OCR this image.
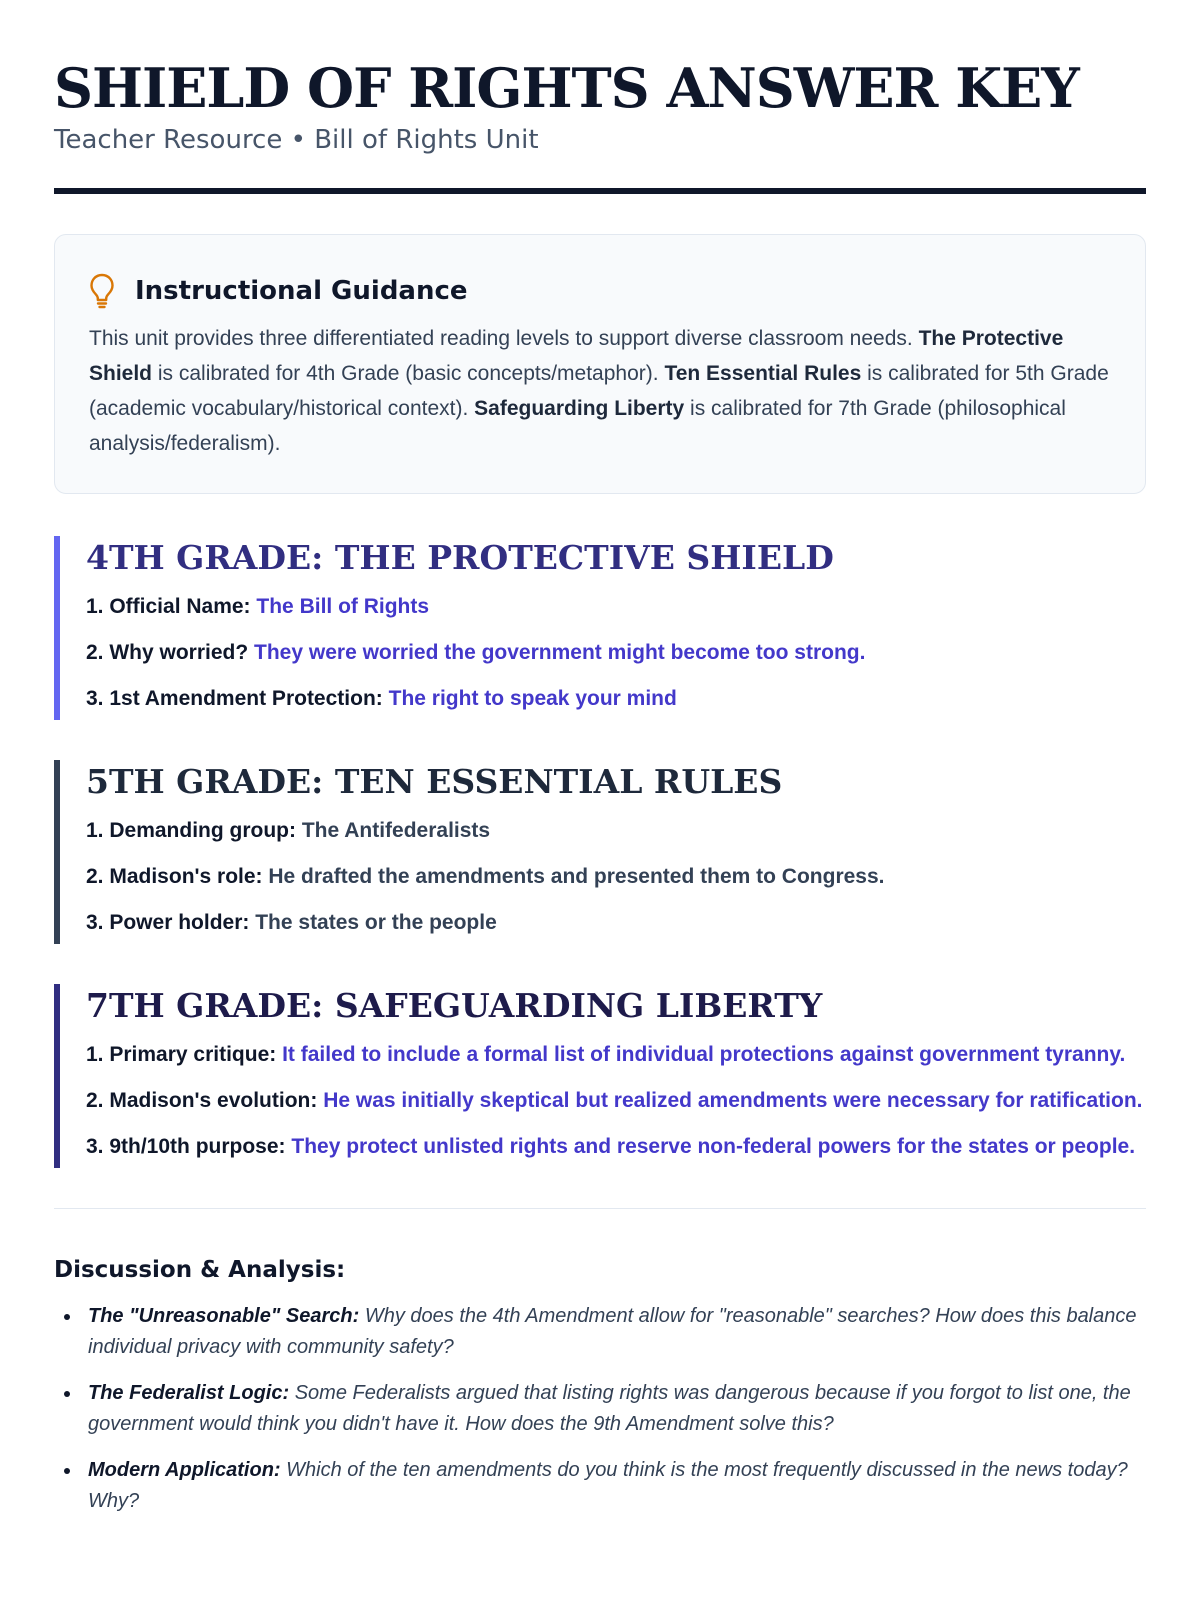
SHIELD OF RIGHTS ANSWER KEY
Teacher Resource • Bill of Rights Unit
Instructional Guidance

This unit provides three differentiated reading levels to support diverse classroom needs. The Protective Shield is calibrated for 4th Grade (basic concepts/metaphor). Ten Essential Rules is calibrated for 5th Grade (academic vocabulary/historical context). Safeguarding Liberty is calibrated for 7th Grade (philosophical analysis/federalism).

4TH GRADE: THE PROTECTIVE SHIELD
1. Official Name: The Bill of Rights
2. Why worried? They were worried the government might become too strong.
3. 1st Amendment Protection: The right to speak your mind
5TH GRADE: TEN ESSENTIAL RULES
1. Demanding group: The Antifederalists
2. Madison's role: He drafted the amendments and presented them to Congress.
3. Power holder: The states or the people
7TH GRADE: SAFEGUARDING LIBERTY
1. Primary critique: It failed to include a formal list of individual protections against government tyranny.
2. Madison's evolution: He was initially skeptical but realized amendments were necessary for ratification.
3. 9th/10th purpose: They protect unlisted rights and reserve non-federal powers for the states or people.
Discussion & Analysis:
The "Unreasonable" Search: Why does the 4th Amendment allow for "reasonable" searches? How does this balance individual privacy with community safety?
The Federalist Logic: Some Federalists argued that listing rights was dangerous because if you forgot to list one, the government would think you didn't have it. How does the 9th Amendment solve this?
Modern Application: Which of the ten amendments do you think is the most frequently discussed in the news today? Why?
